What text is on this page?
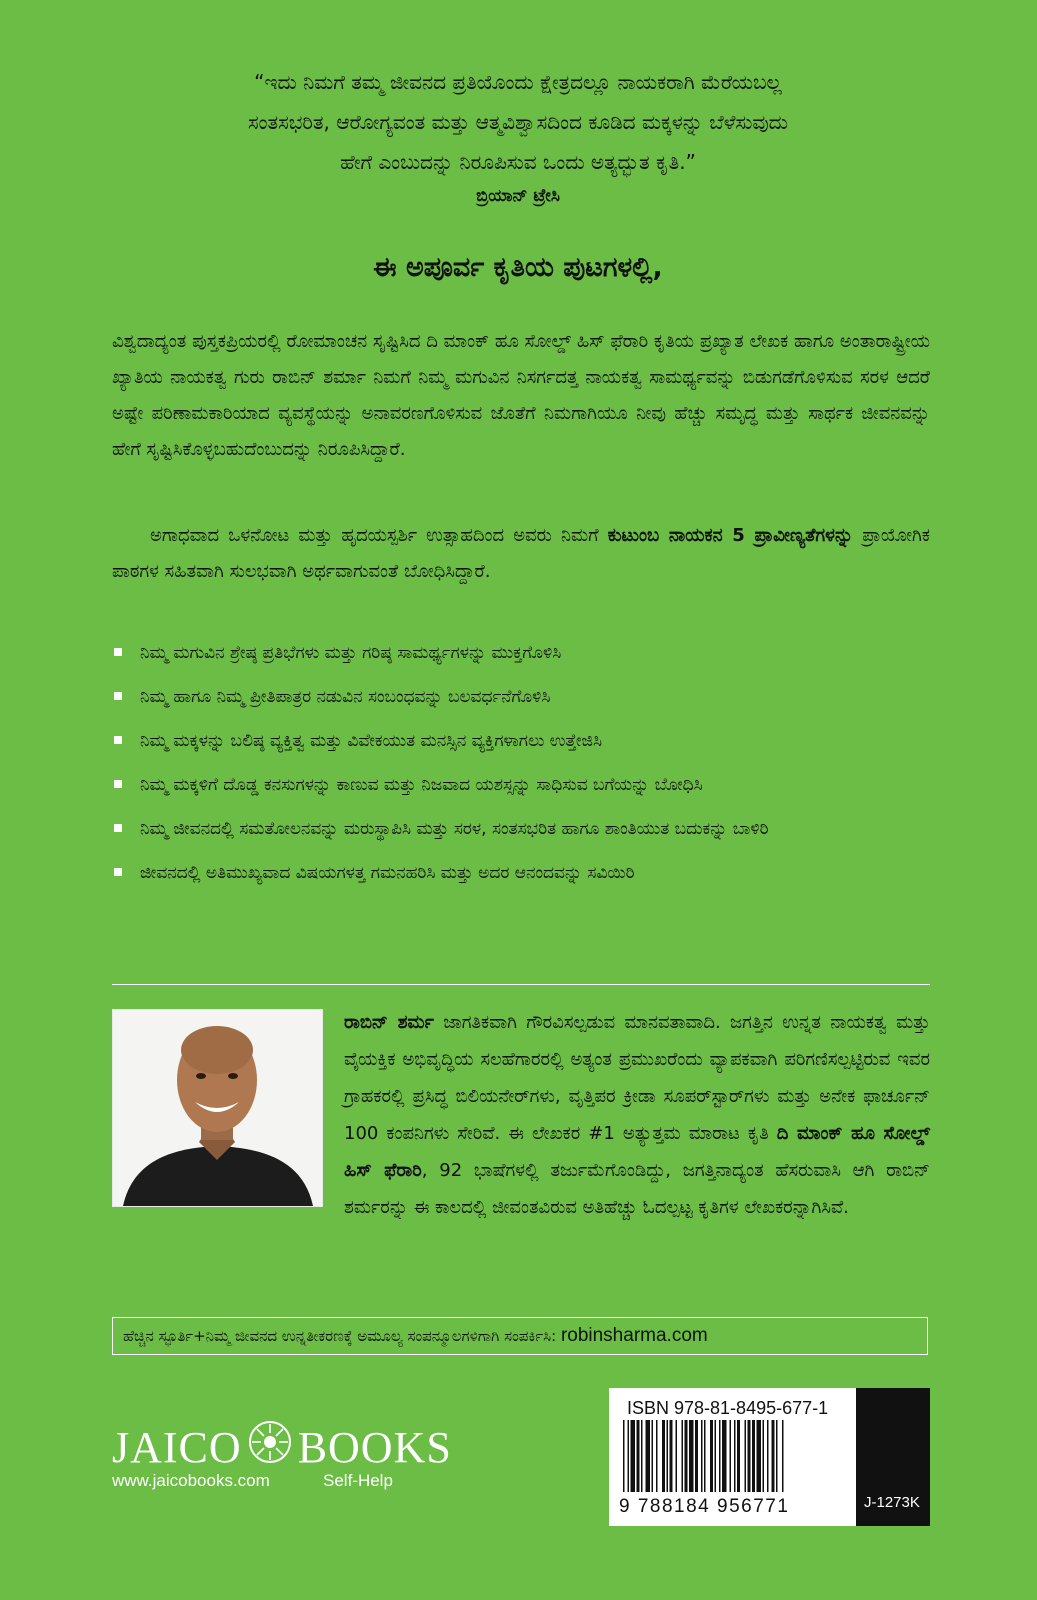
“ಇದು ನಿಮಗೆ ತಮ್ಮ ಜೀವನದ ಪ್ರತಿಯೊಂದು ಕ್ಷೇತ್ರದಲ್ಲೂ ನಾಯಕರಾಗಿ ಮೆರೆಯಬಲ್ಲ
ಸಂತಸಭರಿತ, ಆರೋಗ್ಯವಂತ ಮತ್ತು ಆತ್ಮವಿಶ್ವಾಸದಿಂದ ಕೂಡಿದ ಮಕ್ಕಳನ್ನು ಬೆಳೆಸುವುದು
ಹೇಗೆ ಎಂಬುದನ್ನು ನಿರೂಪಿಸುವ ಒಂದು ಅತ್ಯದ್ಭುತ ಕೃತಿ.”
ಬ್ರಿಯಾನ್ ಟ್ರೇಸಿ
ಈ ಅಪೂರ್ವ ಕೃತಿಯ ಪುಟಗಳಲ್ಲಿ,
ವಿಶ್ವದಾದ್ಯಂತ ಪುಸ್ತಕಪ್ರಿಯರಲ್ಲಿ ರೋಮಾಂಚನ ಸೃಷ್ಟಿಸಿದ ದಿ ಮಾಂಕ್ ಹೂ ಸೋಲ್ಡ್ ಹಿಸ್ ಫೆರಾರಿ ಕೃತಿಯ ಪ್ರಖ್ಯಾತ ಲೇಖಕ ಹಾಗೂ ಅಂತಾರಾಷ್ಟ್ರೀಯ ಖ್ಯಾತಿಯ ನಾಯಕತ್ವ ಗುರು ರಾಬಿನ್ ಶರ್ಮಾ ನಿಮಗೆ ನಿಮ್ಮ ಮಗುವಿನ ನಿಸರ್ಗದತ್ತ ನಾಯಕತ್ವ ಸಾಮರ್ಥ್ಯವನ್ನು ಬಿಡುಗಡೆಗೊಳಿಸುವ ಸರಳ ಆದರೆ ಅಷ್ಟೇ ಪರಿಣಾಮಕಾರಿಯಾದ ವ್ಯವಸ್ಥೆಯನ್ನು ಅನಾವರಣಗೊಳಿಸುವ ಜೊತೆಗೆ ನಿಮಗಾಗಿಯೂ ನೀವು ಹೆಚ್ಚು ಸಮೃದ್ಧ ಮತ್ತು ಸಾರ್ಥಕ ಜೀವನವನ್ನು ಹೇಗೆ ಸೃಷ್ಟಿಸಿಕೊಳ್ಳಬಹುದೆಂಬುದನ್ನು ನಿರೂಪಿಸಿದ್ದಾರೆ.
ಅಗಾಧವಾದ ಒಳನೋಟ ಮತ್ತು ಹೃದಯಸ್ಪರ್ಶಿ ಉತ್ಸಾಹದಿಂದ ಅವರು ನಿಮಗೆ ಕುಟುಂಬ ನಾಯಕನ 5 ಪ್ರಾವೀಣ್ಯತೆಗಳನ್ನು ಪ್ರಾಯೋಗಿಕ ಪಾಠಗಳ ಸಹಿತವಾಗಿ ಸುಲಭವಾಗಿ ಅರ್ಥವಾಗುವಂತೆ ಬೋಧಿಸಿದ್ದಾರೆ.
ನಿಮ್ಮ ಮಗುವಿನ ಶ್ರೇಷ್ಠ ಪ್ರತಿಭೆಗಳು ಮತ್ತು ಗರಿಷ್ಠ ಸಾಮರ್ಥ್ಯಗಳನ್ನು ಮುಕ್ತಗೊಳಿಸಿ
ನಿಮ್ಮ ಹಾಗೂ ನಿಮ್ಮ ಪ್ರೀತಿಪಾತ್ರರ ನಡುವಿನ ಸಂಬಂಧವನ್ನು ಬಲವರ್ಧನೆಗೊಳಿಸಿ
ನಿಮ್ಮ ಮಕ್ಕಳನ್ನು ಬಲಿಷ್ಠ ವ್ಯಕ್ತಿತ್ವ ಮತ್ತು ವಿವೇಕಯುತ ಮನಸ್ಸಿನ ವ್ಯಕ್ತಿಗಳಾಗಲು ಉತ್ತೇಜಿಸಿ
ನಿಮ್ಮ ಮಕ್ಕಳಿಗೆ ದೊಡ್ಡ ಕನಸುಗಳನ್ನು ಕಾಣುವ ಮತ್ತು ನಿಜವಾದ ಯಶಸ್ಸನ್ನು ಸಾಧಿಸುವ ಬಗೆಯನ್ನು ಬೋಧಿಸಿ
ನಿಮ್ಮ ಜೀವನದಲ್ಲಿ ಸಮತೋಲನವನ್ನು ಮರುಸ್ಥಾಪಿಸಿ ಮತ್ತು ಸರಳ, ಸಂತಸಭರಿತ ಹಾಗೂ ಶಾಂತಿಯುತ ಬದುಕನ್ನು ಬಾಳಿರಿ
ಜೀವನದಲ್ಲಿ ಅತಿಮುಖ್ಯವಾದ ವಿಷಯಗಳತ್ತ ಗಮನಹರಿಸಿ ಮತ್ತು ಅದರ ಆನಂದವನ್ನು ಸವಿಯಿರಿ
ರಾಬಿನ್ ಶರ್ಮ ಜಾಗತಿಕವಾಗಿ ಗೌರವಿಸಲ್ಪಡುವ ಮಾನವತಾವಾದಿ. ಜಗತ್ತಿನ ಉನ್ನತ ನಾಯಕತ್ವ ಮತ್ತು ವೈಯಕ್ತಿಕ ಅಭಿವೃದ್ಧಿಯ ಸಲಹೆಗಾರರಲ್ಲಿ ಅತ್ಯಂತ ಪ್ರಮುಖರೆಂದು ವ್ಯಾಪಕವಾಗಿ ಪರಿಗಣಿಸಲ್ಪಟ್ಟಿರುವ ಇವರ ಗ್ರಾಹಕರಲ್ಲಿ ಪ್ರಸಿದ್ಧ ಬಿಲಿಯನೇರ್‌ಗಳು, ವೃತ್ತಿಪರ ಕ್ರೀಡಾ ಸೂಪರ್‌ಸ್ಟಾರ್‌ಗಳು ಮತ್ತು ಅನೇಕ ಫಾರ್ಚೂನ್ 100 ಕಂಪನಿಗಳು ಸೇರಿವೆ. ಈ ಲೇಖಕರ #1 ಅತ್ಯುತ್ತಮ ಮಾರಾಟ ಕೃತಿ ದಿ ಮಾಂಕ್ ಹೂ ಸೋಲ್ಡ್ ಹಿಸ್ ಫೆರಾರಿ, 92 ಭಾಷೆಗಳಲ್ಲಿ ತರ್ಜುಮೆಗೊಂಡಿದ್ದು, ಜಗತ್ತಿನಾದ್ಯಂತ ಹೆಸರುವಾಸಿ ಆಗಿ ರಾಬಿನ್ ಶರ್ಮರನ್ನು ಈ ಕಾಲದಲ್ಲಿ ಜೀವಂತವಿರುವ ಅತಿಹೆಚ್ಚು ಓದಲ್ಪಟ್ಟ ಕೃತಿಗಳ ಲೇಖಕರನ್ನಾಗಿಸಿವೆ.
ಹೆಚ್ಚಿನ ಸ್ಫೂರ್ತಿ+ನಿಮ್ಮ ಜೀವನದ ಉನ್ನತೀಕರಣಕ್ಕೆ ಅಮೂಲ್ಯ ಸಂಪನ್ಮೂಲಗಳಿಗಾಗಿ ಸಂಪರ್ಕಿಸಿ: robinsharma.com
JAICO BOOKS
www.jaicobooks.com	Self-Help
ISBN 978-81-8495-677-1
9 788184 956771	J-1273K
